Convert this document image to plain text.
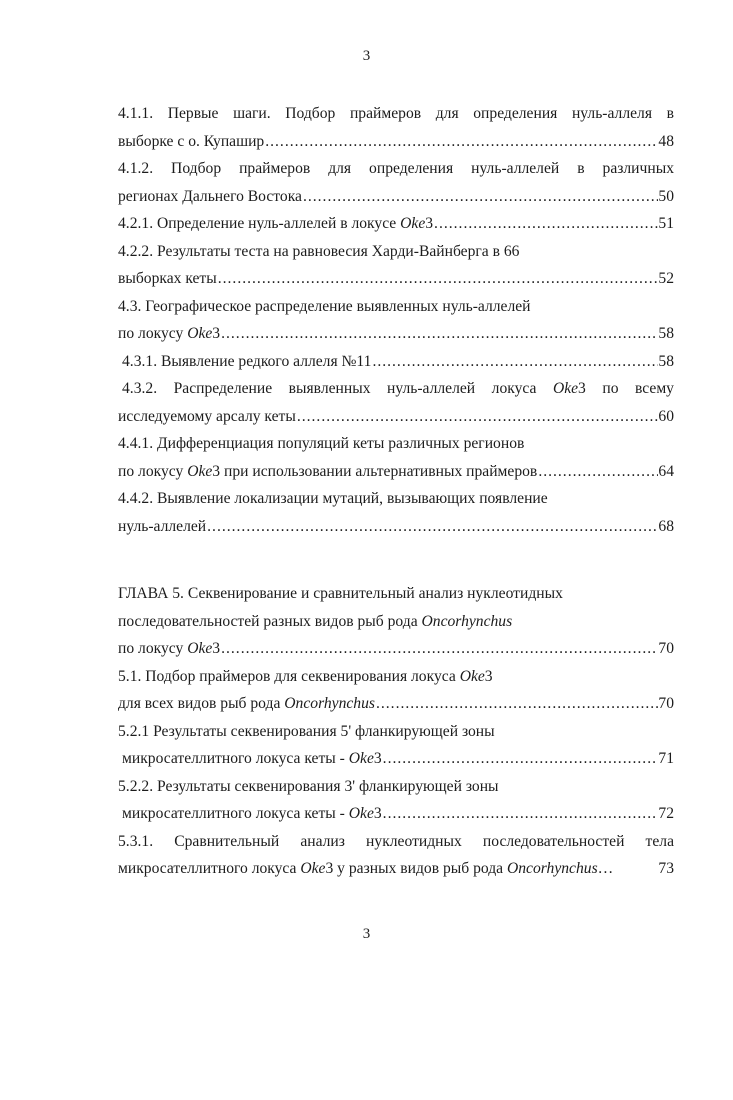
3
4.1.1. Первые шаги. Подбор праймеров для определения нуль-аллеля в
выборке с о. Купашир .....	48
4.1.2. Подбор праймеров для определения нуль-аллелей в различных
регионах Дальнего Востока .....	50
4.2.1. Определение нуль-аллелей в локусе Oke3 .....	51
4.2.2. Результаты теста на равновесия Харди-Вайнберга в 66
выборках кеты .....	52
4.3. Географическое распределение выявленных нуль-аллелей
по локусу Oke3 .....	58
4.3.1. Выявление редкого аллеля №11 .....	58
4.3.2. Распределение выявленных нуль-аллелей локуса Oke3 по всему
исследуемому арсалу кеты .....	60
4.4.1. Дифференциация популяций кеты различных регионов
по локусу Oke3 при использовании альтернативных праймеров .....	64
4.4.2. Выявление локализации мутаций, вызывающих появление
нуль-аллелей .....	68
ГЛАВА 5. Секвенирование и сравнительный анализ нуклеотидных
последовательностей разных видов рыб рода Oncorhynchus
по локусу Oke3 .....	70
5.1. Подбор праймеров для секвенирования локуса Oke3
для всех видов рыб рода Oncorhynchus .....	70
5.2.1 Результаты секвенирования 5' фланкирующей зоны
микросателлитного локуса кеты - Oke3 .....	71
5.2.2. Результаты секвенирования 3' фланкирующей зоны
микросателлитного локуса кеты - Oke3 .....	72
5.3.1. Сравнительный анализ нуклеотидных последовательностей тела
микросателлитного локуса Oke3 у разных видов рыб рода Oncorhynchus…	73
3
